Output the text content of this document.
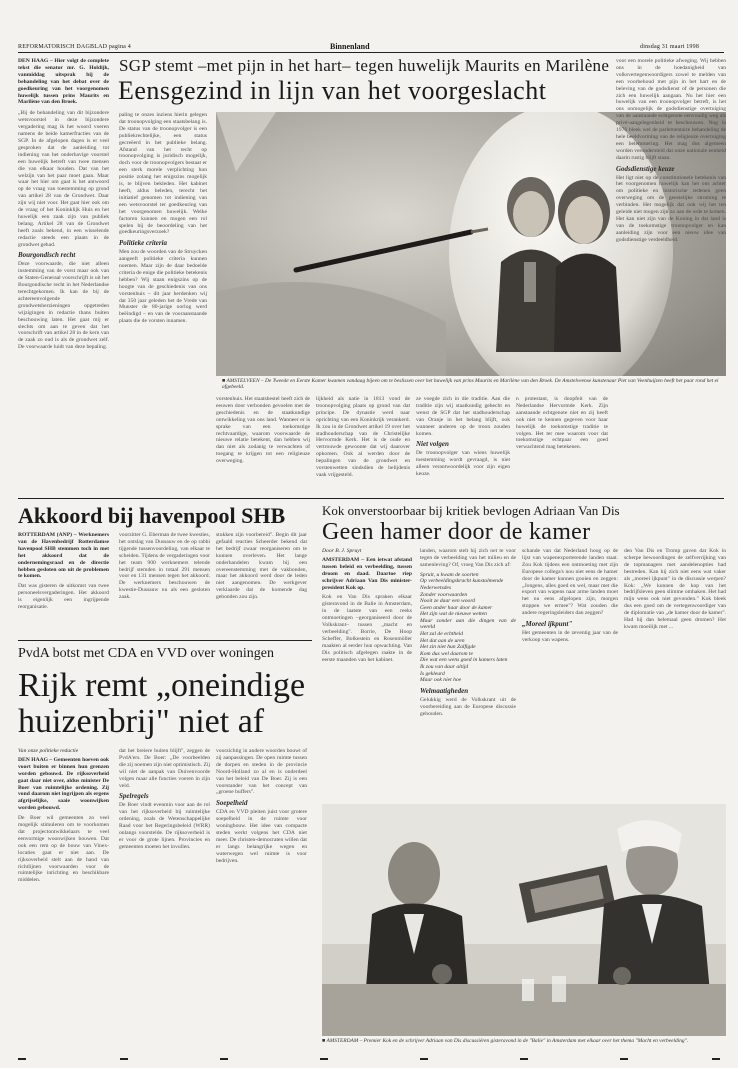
REFORMATORISCH DAGBLAD pagina 4	Binnenland	dinsdag 31 maart 1998
DEN HAAG – Hier volgt de complete tekst die senator mr. G. Holdijk, vanmiddag uitsprak bij de behandeling van het debat over de goedkeuring van het voorgenomen huwelijk tussen prins Maurits en Marilène van den Broek.
„Bij de behandeling van dit bijzondere wetsvoorstel in deze bijzondere vergadering mag ik het woord voeren namens de beide kamerfracties van de SGP. In de afgelopen dagen is er veel gesproken dat de aanleiding tot indiening van het onderhavige voorstel een huwelijk betreft van twee mensen die van elkaar houden. Dat van het welzijn van het paar moet gaan. Maar waar het hier om gaat is het antwoord op de vraag van toestemming op grond van artikel 28 van de Grondwet. Daar zijn wij niet voor. Het gaat hier ook om de vraag of het Koninklijk Huis en het huwelijk een zaak zijn van publiek belang. Artikel 28 van de Grondwet heeft zoals bekend, in een wisselende redactie steeds een plaats in de grondwet gehad.
Bourgondisch recht
Deze voorwaarde, die niet alleen instemming van de vorst maar ook van de Staten-Generaal voorschrijft is uit het Bourgondische recht in het Nederlandse terechtgekomen. Ik kan de bij de achtereenvolgende grondwetsherzieningen opgetreden wijzigingen in redactie thans buiten beschouwing laten. Het gaat mij er slechts om aan te geven dat het voorschrift van artikel 28 in de kern van de zaak zo oud is als de grondwet zelf. De voorwaarde luidt van deze bepaling.
SGP stemt –met pijn in het hart– tegen huwelijk Maurits en Marilène
Eensgezind in lijn van het voorgeslacht
paling te onzes inziens hierin gelegen dat troonopvolging een staatsbelang is. De status van de troonopvolger is een publiekrechtelijke, een status gecreëerd in het publieke belang. Afstand van het recht op troonopvolging is juridisch mogelijk, doch voor de troonopvolgers bestaat er een sterk morele verplichting hun positie zolang het enigszins mogelijk is, te blijven bekleden. Het kabinet heeft, aldus beleden, terecht het initiatief genomen tot indiening van een wetsvoorstel ter goedkeuring van het voorgenomen huwelijk. Welke factoren kunnen en mogen een rol spelen bij de beoordeling van het goedkeuringsverzoek?
Politieke criteria
Men zou de woorden van de Struycken aangeeft politieke criteria kunnen noemen. Maar zijn de daar bedoelde criteria de enige die politieke betekenis hebben? Wij staan enigszins op de hoogte van de geschiedenis van ons vorstenhuis – dit jaar herdenken wij dat 350 jaar geleden het de Vrede van Munster de 80-jarige oorlog werd beëindigd – en van de vooraanstaande plaats die de vorsten innamen.
■ AMSTELVEEN – De Tweede en Eerste Kamer kwamen vandaag bijeen om te beslissen over het huwelijk van prins Maurits en Marilène van den Broek. De Amstelveense kunstenaar Piet van Veenhuijzen heeft het paar rond het ei afgebeeld.
vorstenhuis. Het staatsbestel heeft zich de eeuwen door verbonden gevoelen met de geschiedenis en de staatkundige ontwikkeling van ons land. Wanneer er is sprake van een toekomstige rechtvaardige, waarom voorwaarde de nieuwe relatie betekent, dan hebben wij dan niet als zodanig te verwachten of toegang te krijgen tot een religieuze overweging.
lijkheid als natie in 1813 vond de troonopvolging plaats op grond van dat principe. De dynastie werd naar oprichting van een Koninkrijk verankerd. Ik zou in de Grondwet artikel 19 over het stadhouderschap van de Christelijke Hervormde Kerk. Het is de oude en vertrouwde gewoonte dat wij daarover opkomen. Ook al werden door de bepalingen van de grondwet en vorstenwetten sindsdien de belijdenis vaak vrijgesteld.
ze voegde zich in die traditie. Aan die traditie zijn wij staatkundig gehecht en wenst de SGP dat het stadhouderschap van Oranje in het belang blijft, ook wanneer anderen op de troon zouden komen.
Niet volgen
De troonopvolger van wiens huwelijk toestemming wordt gevraagd, is niet alleen verantwoordelijk voor zijn eigen keuze.
n protestant, is doopfeit van de Nederlandse Hervormde Kerk. Zijn aanstaande echtgenote niet en zij heeft ook niet te kennen gegeven voor haar huwelijk de toekomstige traditie te volgen. Het ter mee waarom voor dat toekomstige echtpaar een goed verwachtend mag betekenen.
voor een morele politieke afweging. Wij hebben ons in de hoedanigheid van volksvertegenwoordigers zowel te melden van een voorbehoud met pijn in het hart en de beleving van de godsdienst of de personen die zich een huwelijk aangaan. Nu het hier een huwelijk van een troonopvolger betreft, is het ons onmogelijk de godsdienstige overtuiging van de aanstaande echtgenote eenvoudig weg als privé-aangelegenheid te beschouwen. Nog in 1976 bleek wel de parlementaire behandeling de hele beeldvorming van de religieuze overtuiging een belemmering. Het mag dus algemeen worden verondersteld dat onze nationale eenheid daarin rustig blijft staan.
Godsdienstige keuze
Het ligt niet op de constitutionele betekenis van het voorgenomen huwelijk kan het ons achter om politieke en historische redenen geen overweging om de geestelijke stroming te verbinden. Het mogelijk dat ook wij het ten geleide niet mogen zijn zo aan de orde te komen. Het kan niet zijn van de Koning in dat land is van de toekomstige troonopvolger en kan aanleiding zijn voor een nieuw idee van godsdienstige verdeeldheid.
Akkoord bij havenpool SHB
ROTTERDAM (ANP) – Werknemers van de Havenbedrijf Rotterdamse havenpool SHB stemmen toch in met het akkoord dat de ondernemingsraad en de directie hebben gesloten om uit de problemen te komen.
Dat was gisteren de uitkomst van twee personeelsvergaderingen. Het akkoord is eigenlijk een ingrijpende reorganisatie.
voorzitter G. Eberman de twee kwesties, het ontslag van Dussauw en de op rabbi tijgende tussenvoordeling, van elkaar te scheiden. Tijdens de vergaderingen voor het team 900 werknemers telende bedrijf stemden in totaal 291 mensen voor en 131 mensen tegen het akkoord. De werknemers beschouwen de kwestie-Dussauw nu als een gesloten zaak.
stukken zijn voorbereid". Begin dit jaar gefaald reacties Scheerder bekend dat het bedrijf zwaar reorganiseren om te kunnen overleven. Het lange onderhandelen kwam bij een overeenstemming met de vakbonden, maar het akkoord werd door de leden niet aangenomen. De werkgever verklaarde dat de komende dag gebonden zou zijn.
Kok onverstoorbaar bij kritiek bevlogen Adriaan Van Dis
Geen hamer door de kamer
Door B. J. Spruyt
AMSTERDAM – Een ietwat afstand tussen beleid en verbeelding, tussen droom en daad. Daartoe riep schrijver Adriaan Van Dis minister-president Kok op.
Kok en Van Dis spraken elkaar gisteravond in de Balie in Amsterdam, in de laatste van een reeks ontmoetingen –georganiseerd door de Volkskrant– tussen „macht en verbeelding". Borrie, De Hoop Scheffer, Bolkestein en Rosenmöller maakten al eerder hun opwachting. Van Dis politisch afgelegen raakte in de eerste maanden van het kabinet.
landen, waarom stelt hij zich net te voor tegen de verbeelding van het milieu en de samenleving? Of, vroeg Van Dis zich af:
Spruit, u kwam de soorten
Op verbeeldingskracht kunstalmende
Nederwetsdes
Zonder voorwaarden
Nooit ze daar een woord
Geen ander haar door de kamer
Het zijn wat de nieuwe wetten
Maar zonder aan die dingen van de wereld
Het zal de echtheid
Het dat aan de uren
Het zin niet hun Zalfigde
Kom dus wel daarom te
Die wat een wens goed in kamers laten
Ik zou van daar altijd
Is gekleurd
Maar ook niet hoe
Welmaatigheden
Gelukkig werd de Volkskrant uit de voorbereiding aan de Europese discussie gehouden.
schande van dat Nederland hoog op de lijst van wapenexporterende landen staat. Zou Kok tijdens een ontmoeting met zijn Europese collega's nou niet eens de hamer door de kamer kunnen gooien en zeggen: „Jongens, alles goed en wel, maar met die export van wapens naar arme landen moet het nu eens afgelopen zijn, morgen stoppen we ermee"? Wat zouden die andere regeringsleiders dan zeggen?
„Moreel ijkpunt"
Het gemeenten in de zeventig jaar van de verkoop van wapens.
den Van Dis en Tromp gaven dat Kok in scherpe bewoordingen de zelfverrijking van de topmanagers met aandelenopties had bestreden. Kan hij zich niet eens wat vaker als „moreel ijkpunt" in de discussie werpen? Kok: „We kunnen de kop van het bedrijfsleven geen slimme omhaken. Het had mijn wens ook niet gevonden." Kok bleek dus een goed om de vertegenwoordiger van de diplomatie van „de hamer door de kamer". Had hij dan helemaal geen dromen? Het kwam moeilijk met ...
PvdA botst met CDA en VVD over woningen
Rijk remt „oneindige
huizenbrij" niet af
Van onze politieke redactie
DEN HAAG – Gemeenten hoeven ook voort buiten er binnen hun grenzen worden gebouwd. De rijksoverheid gaat daar niet over, aldus minister De Boer van ruimtelijke ordening. Zij vond daarom niet ingrijpen als ergens afgrijselijke, saaie woonwijken worden gebouwd.
De Boer wil gemeenten zo veel mogelijk stimuleren om te voorkomen dat projectontwikkelaars te veel eenvormige woonwijken bouwen. Dat ook een rem op de bouw van Vinex-locaties gaat er niet aan. De rijksoverheid stelt aan de hand van richtlijnen voorwaarden voor de ruimtelijke inrichting en beschikbare middelen.
dat het breiere buiten blijft", zeggen de PvdA'ers. De Boer: „De voorbeelden die zij noemen zijn niet optimistisch. Zij wil niet de aanpak van Duivenvoorde volgen maar alle functies voeren in zijn veld.
Spelregels
De Boer vindt evenmin voor aan de rol van het rijksoverheid bij ruimtelijke ordening, zoals de Wetenschappelijke Raad voor het Regeringsbeleid (WRR) onlangs voorstelde. De rijksoverheid is er voor de grote lijnen. Provincies en gemeenten moeten het invullen.
voorzichtig in andere woorden bouwt of zij aanpassingen. De open ruimte tussen de dorpen en steden in de provincie Noord-Holland zo al en is onderdeel van het beleid van De Boer. Zij is een voorstander van het concept van „groene buffers".
Soepelheid
CDA en VVD pleiten juist voor grotere soepelheid in de ruimte voor woningbouw. Het idee van compacte steden werkt volgens het CDA niet meer. De christen-democraten willen dat er langs belangrijke wegen en waterwegen wel ruimte is voor bedrijven.
■ AMSTERDAM – Premier Kok en de schrijver Adriaan van Dis discussiëren gisteravond in de "Balie" in Amsterdam met elkaar over het thema "Macht en verbeelding".
